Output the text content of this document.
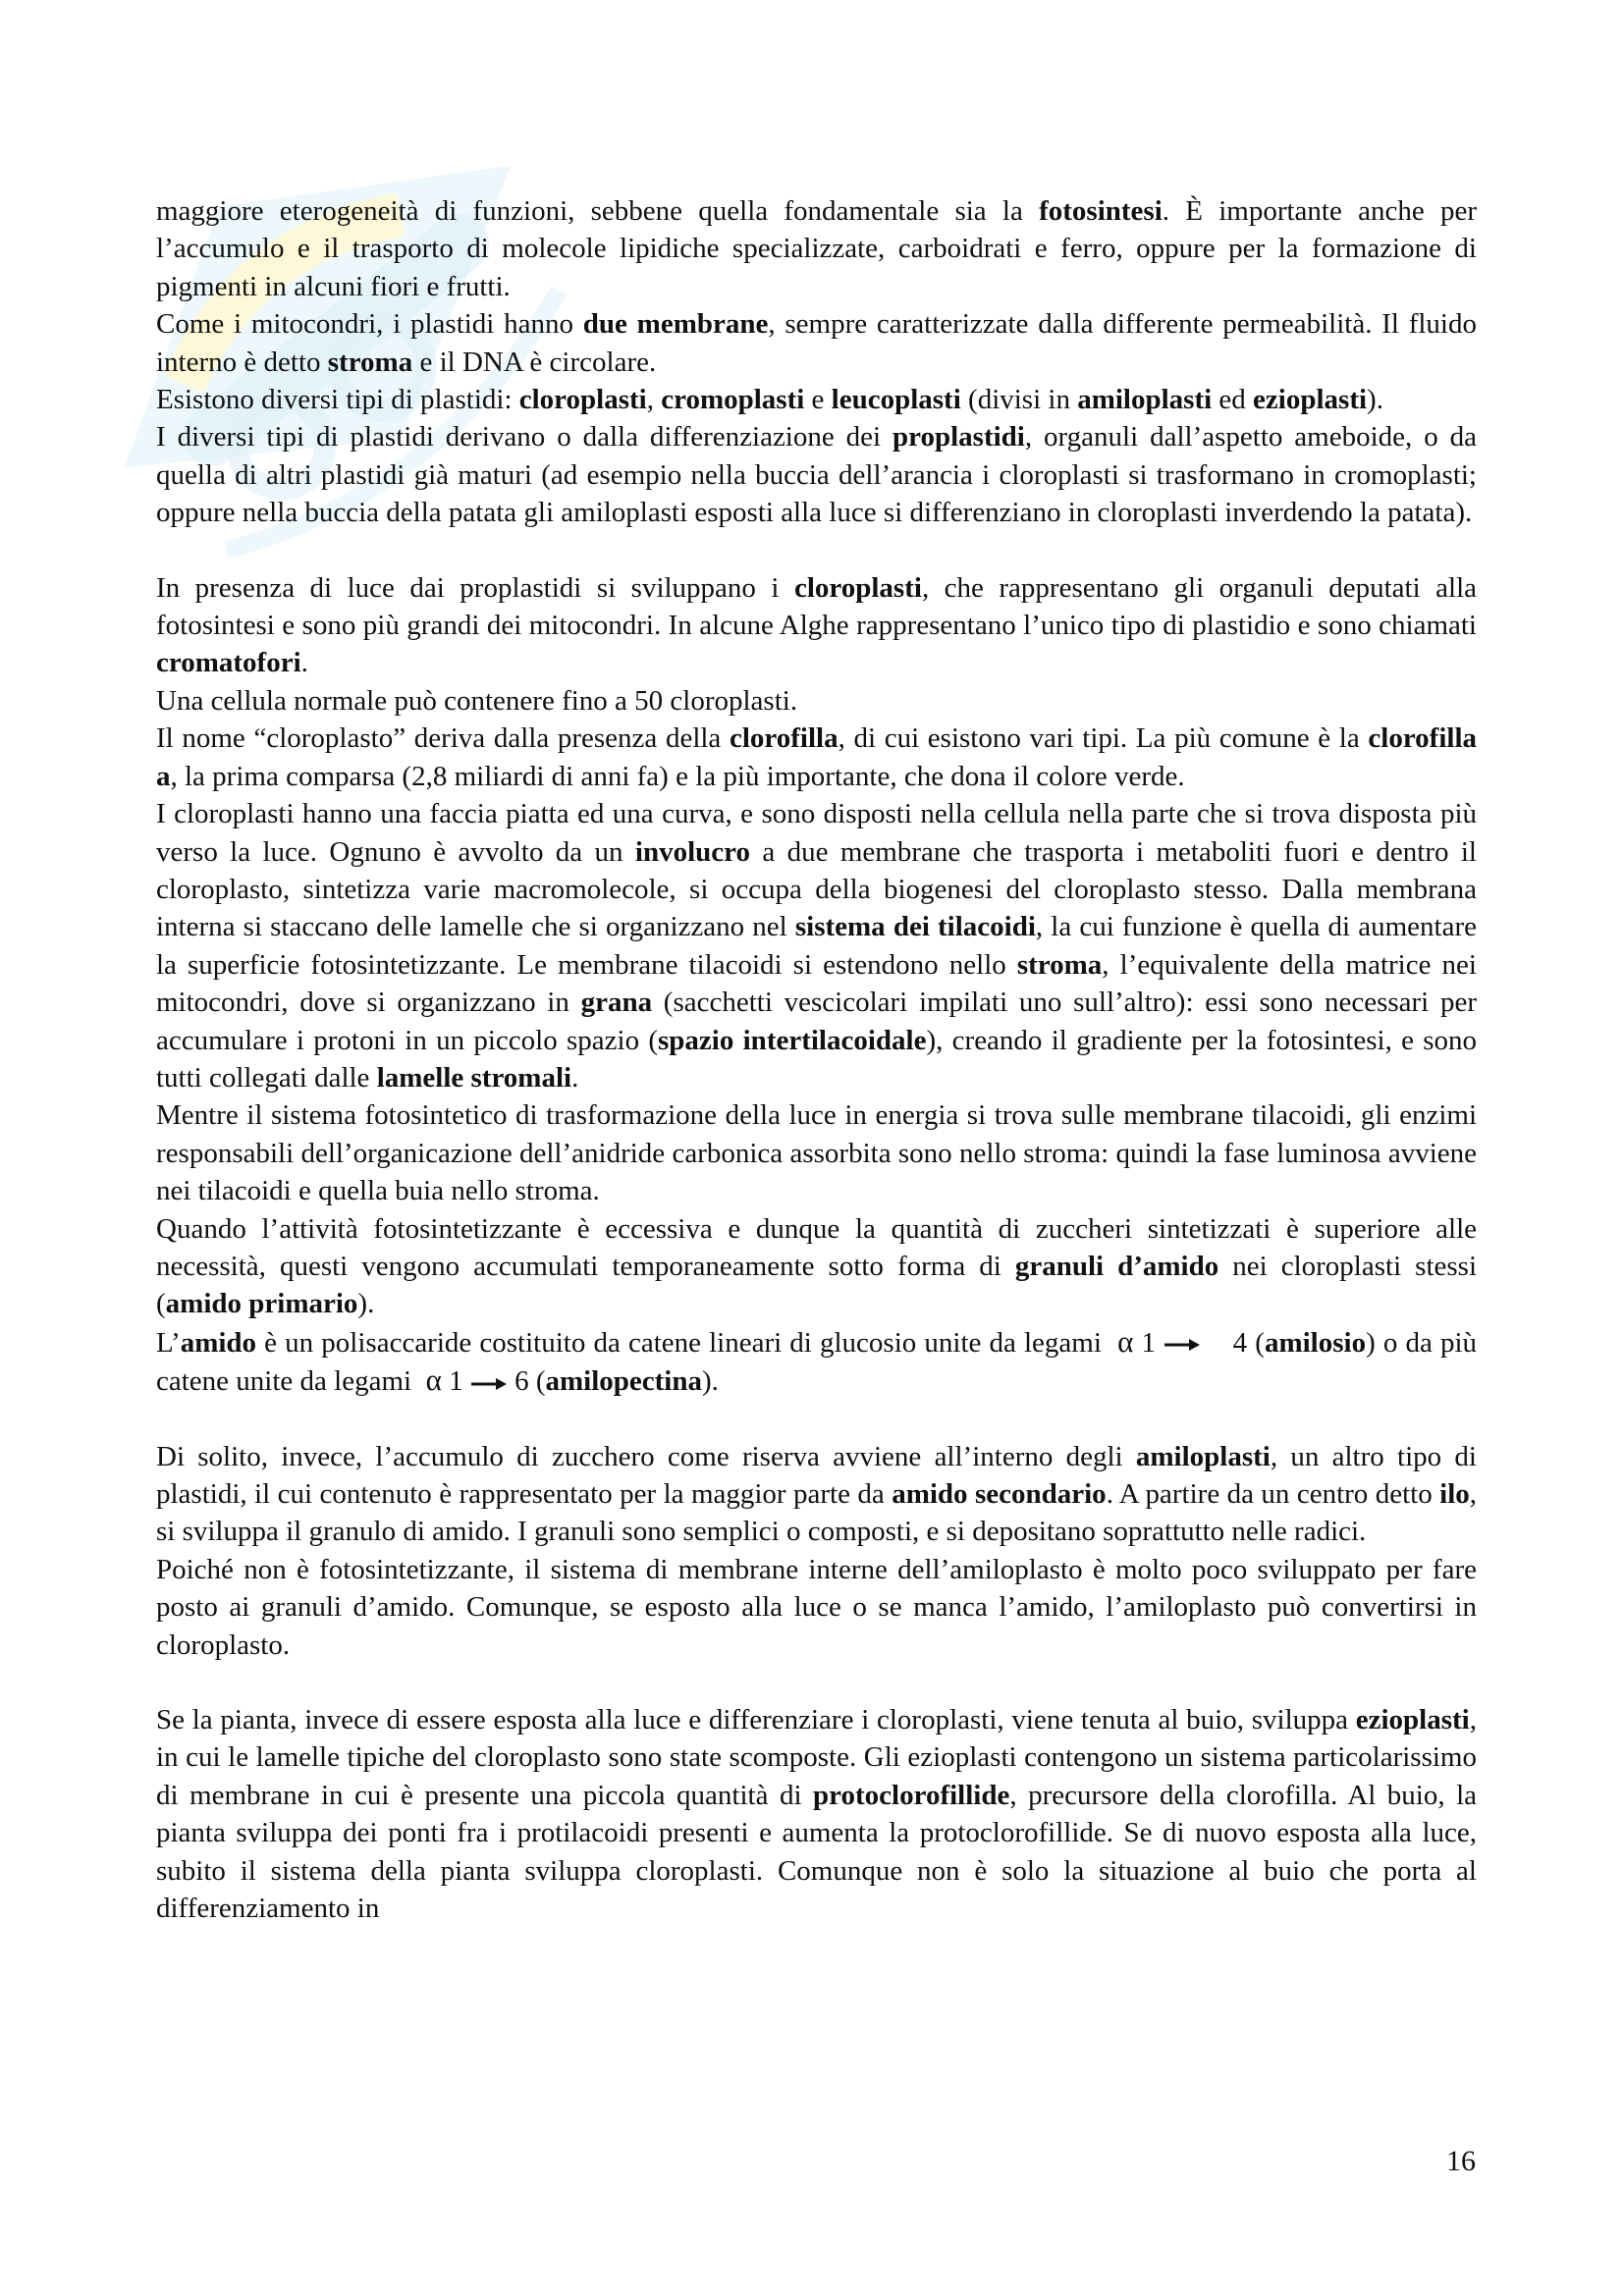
maggiore eterogeneità di funzioni, sebbene quella fondamentale sia la fotosintesi. È importante anche per l’accumulo e il trasporto di molecole lipidiche specializzate, carboidrati e ferro, oppure per la formazione di pigmenti in alcuni fiori e frutti.

Come i mitocondri, i plastidi hanno due membrane, sempre caratterizzate dalla differente permeabilità. Il fluido interno è detto stroma e il DNA è circolare.

Esistono diversi tipi di plastidi: cloroplasti, cromoplasti e leucoplasti (divisi in amiloplasti ed ezioplasti).

I diversi tipi di plastidi derivano o dalla differenziazione dei proplastidi, organuli dall’aspetto ameboide, o da quella di altri plastidi già maturi (ad esempio nella buccia dell’arancia i cloroplasti si trasformano in cromoplasti; oppure nella buccia della patata gli amiloplasti esposti alla luce si differenziano in cloroplasti inverdendo la patata).

In presenza di luce dai proplastidi si sviluppano i cloroplasti, che rappresentano gli organuli deputati alla fotosintesi e sono più grandi dei mitocondri. In alcune Alghe rappresentano l’unico tipo di plastidio e sono chiamati cromatofori.

Una cellula normale può contenere fino a 50 cloroplasti.

Il nome “cloroplasto” deriva dalla presenza della clorofilla, di cui esistono vari tipi. La più comune è la clorofilla a, la prima comparsa (2,8 miliardi di anni fa) e la più importante, che dona il colore verde.

I cloroplasti hanno una faccia piatta ed una curva, e sono disposti nella cellula nella parte che si trova disposta più verso la luce. Ognuno è avvolto da un involucro a due membrane che trasporta i metaboliti fuori e dentro il cloroplasto, sintetizza varie macromolecole, si occupa della biogenesi del cloroplasto stesso. Dalla membrana interna si staccano delle lamelle che si organizzano nel sistema dei tilacoidi, la cui funzione è quella di aumentare la superficie fotosintetizzante. Le membrane tilacoidi si estendono nello stroma, l’equivalente della matrice nei mitocondri, dove si organizzano in grana (sacchetti vescicolari impilati uno sull’altro): essi sono necessari per accumulare i protoni in un piccolo spazio (spazio intertilacoidale), creando il gradiente per la fotosintesi, e sono tutti collegati dalle lamelle stromali.

Mentre il sistema fotosintetico di trasformazione della luce in energia si trova sulle membrane tilacoidi, gli enzimi responsabili dell’organicazione dell’anidride carbonica assorbita sono nello stroma: quindi la fase luminosa avviene nei tilacoidi e quella buia nello stroma.

Quando l’attività fotosintetizzante è eccessiva e dunque la quantità di zuccheri sintetizzati è superiore alle necessità, questi vengono accumulati temporaneamente sotto forma di granuli d’amido nei cloroplasti stessi (amido primario).

L’amido è un polisaccaride costituito da catene lineari di glucosio unite da legami  α 1	4 (amilosio) o da più catene unite da legami  α 1 6 (amilopectina).

Di solito, invece, l’accumulo di zucchero come riserva avviene all’interno degli amiloplasti, un altro tipo di plastidi, il cui contenuto è rappresentato per la maggior parte da amido secondario. A partire da un centro detto ilo, si sviluppa il granulo di amido. I granuli sono semplici o composti, e si depositano soprattutto nelle radici.

Poiché non è fotosintetizzante, il sistema di membrane interne dell’amiloplasto è molto poco sviluppato per fare posto ai granuli d’amido. Comunque, se esposto alla luce o se manca l’amido, l’amiloplasto può convertirsi in cloroplasto.

Se la pianta, invece di essere esposta alla luce e differenziare i cloroplasti, viene tenuta al buio, sviluppa ezioplasti, in cui le lamelle tipiche del cloroplasto sono state scomposte. Gli ezioplasti contengono un sistema particolarissimo di membrane in cui è presente una piccola quantità di protoclorofillide, precursore della clorofilla. Al buio, la pianta sviluppa dei ponti fra i protilacoidi presenti e aumenta la protoclorofillide. Se di nuovo esposta alla luce, subito il sistema della pianta sviluppa cloroplasti. Comunque non è solo la situazione al buio che porta al differenziamento in

16
